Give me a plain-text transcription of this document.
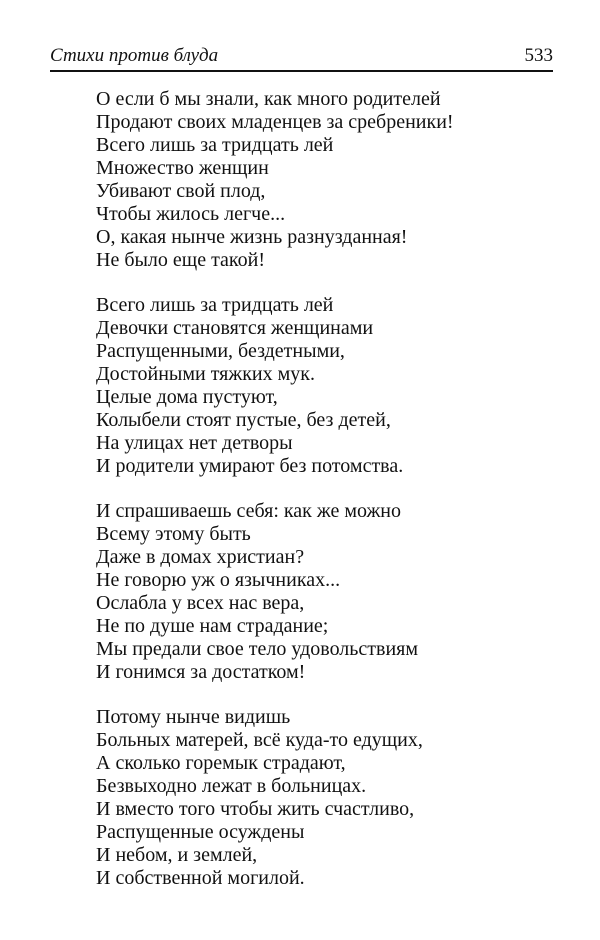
Стихи против блуда	533
О если б мы знали, как много родителей
Продают своих младенцев за сребреники!
Всего лишь за тридцать лей
Множество женщин
Убивают свой плод,
Чтобы жилось легче...
О, какая нынче жизнь разнузданная!
Не было еще такой!
Всего лишь за тридцать лей
Девочки становятся женщинами
Распущенными, бездетными,
Достойными тяжких мук.
Целые дома пустуют,
Колыбели стоят пустые, без детей,
На улицах нет детворы
И родители умирают без потомства.
И спрашиваешь себя: как же можно
Всему этому быть
Даже в домах христиан?
Не говорю уж о язычниках...
Ослабла у всех нас вера,
Не по душе нам страдание;
Мы предали свое тело удовольствиям
И гонимся за достатком!
Потому нынче видишь
Больных матерей, всё куда-то едущих,
А сколько горемык страдают,
Безвыходно лежат в больницах.
И вместо того чтобы жить счастливо,
Распущенные осуждены
И небом, и землей,
И собственной могилой.
